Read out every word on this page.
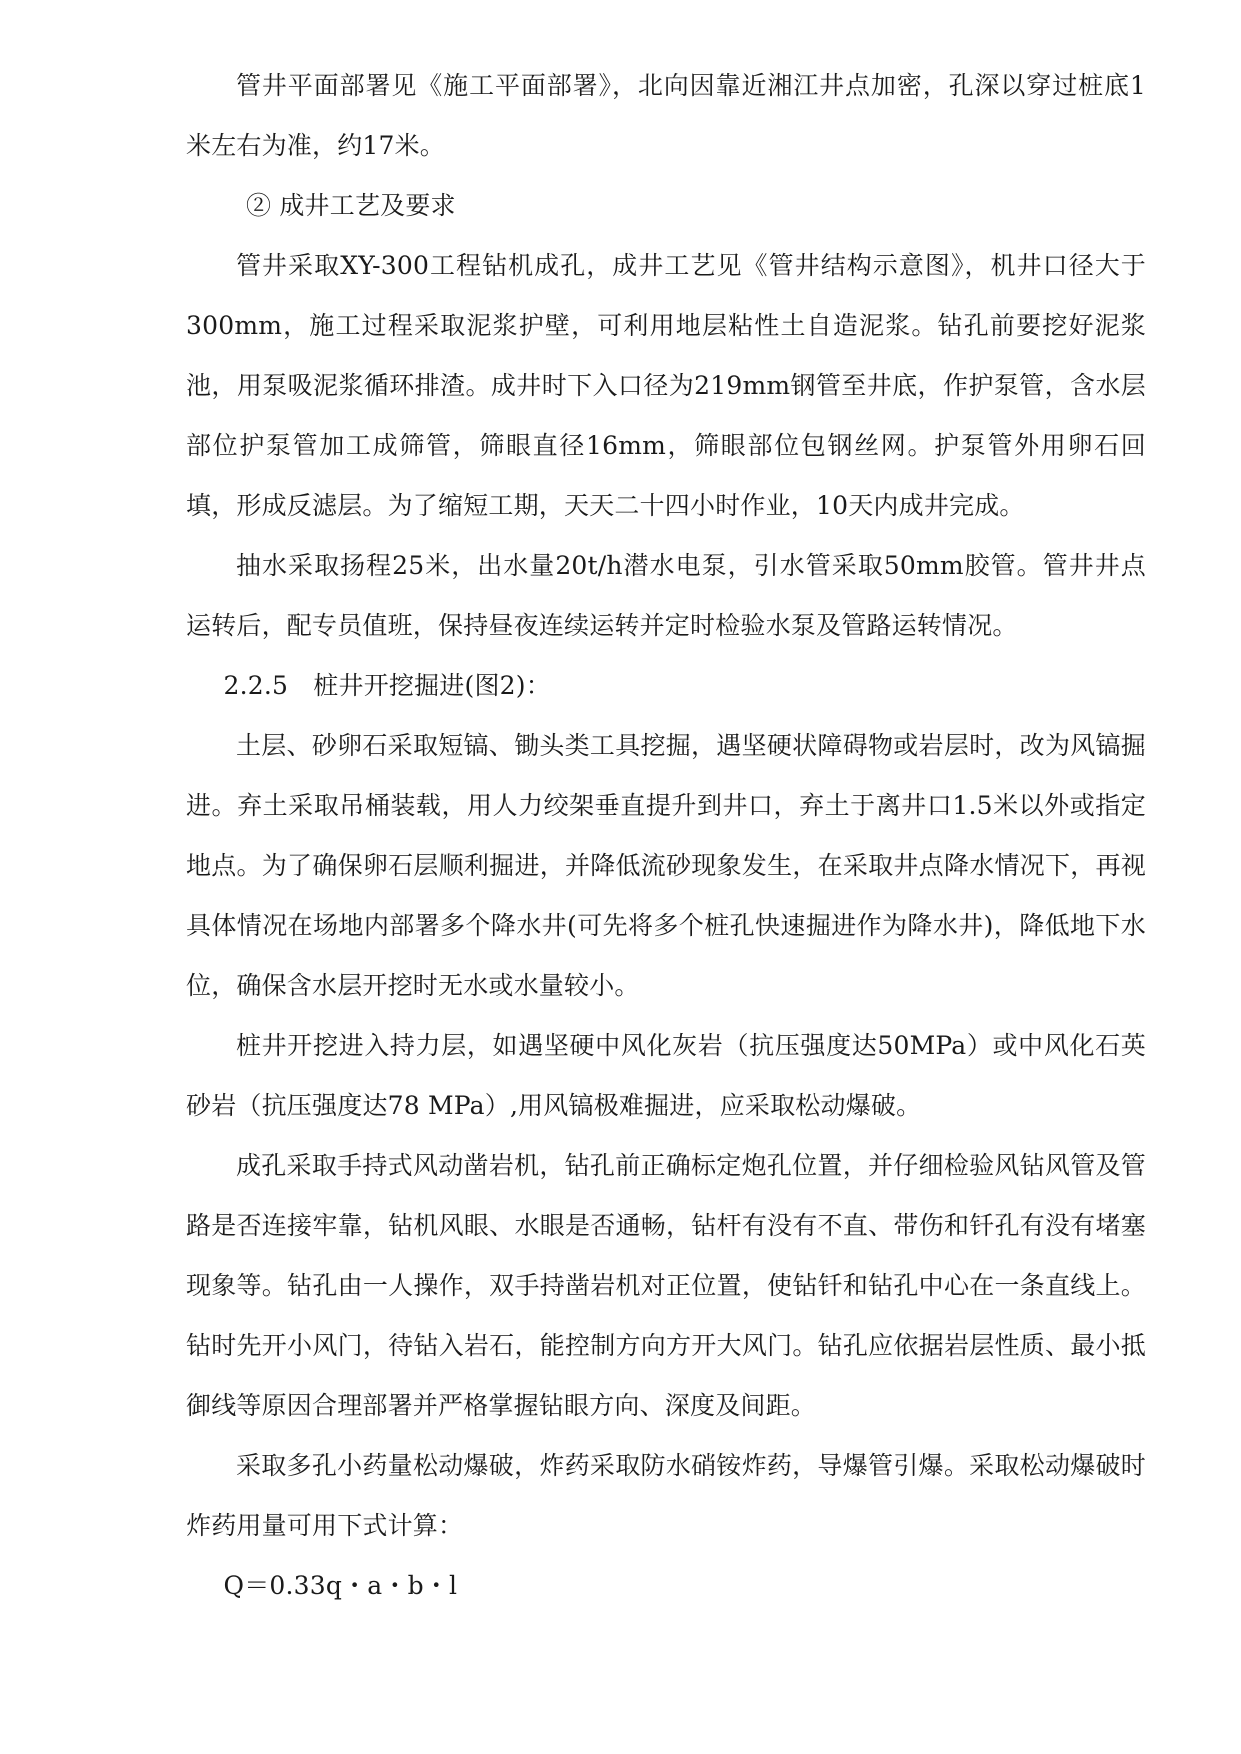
管井平面部署见《施工平面部署》，北向因靠近湘江井点加密，孔深以穿过桩底1米左右为准，约17米。

② 成井工艺及要求

管井采取XY-300工程钻机成孔，成井工艺见《管井结构示意图》，机井口径大于300mm，施工过程采取泥浆护壁，可利用地层粘性土自造泥浆。钻孔前要挖好泥浆池，用泵吸泥浆循环排渣。成井时下入口径为219mm钢管至井底，作护泵管，含水层部位护泵管加工成筛管，筛眼直径16mm，筛眼部位包钢丝网。护泵管外用卵石回填，形成反滤层。为了缩短工期，天天二十四小时作业，10天内成井完成。

抽水采取扬程25米，出水量20t/h潜水电泵，引水管采取50mm胶管。管井井点运转后，配专员值班，保持昼夜连续运转并定时检验水泵及管路运转情况。

2.2.5　桩井开挖掘进(图2)：

土层、砂卵石采取短镐、锄头类工具挖掘，遇坚硬状障碍物或岩层时，改为风镐掘进。弃土采取吊桶装载，用人力绞架垂直提升到井口，弃土于离井口1.5米以外或指定地点。为了确保卵石层顺利掘进，并降低流砂现象发生，在采取井点降水情况下，再视具体情况在场地内部署多个降水井(可先将多个桩孔快速掘进作为降水井)，降低地下水位，确保含水层开挖时无水或水量较小。

桩井开挖进入持力层，如遇坚硬中风化灰岩（抗压强度达50MPa）或中风化石英砂岩（抗压强度达78 MPa）,用风镐极难掘进，应采取松动爆破。

成孔采取手持式风动凿岩机，钻孔前正确标定炮孔位置，并仔细检验风钻风管及管路是否连接牢靠，钻机风眼、水眼是否通畅，钻杆有没有不直、带伤和钎孔有没有堵塞现象等。钻孔由一人操作，双手持凿岩机对正位置，使钻钎和钻孔中心在一条直线上。钻时先开小风门，待钻入岩石，能控制方向方开大风门。钻孔应依据岩层性质、最小抵御线等原因合理部署并严格掌握钻眼方向、深度及间距。

采取多孔小药量松动爆破，炸药采取防水硝铵炸药，导爆管引爆。采取松动爆破时炸药用量可用下式计算：

Q＝0.33q・a・b・l
